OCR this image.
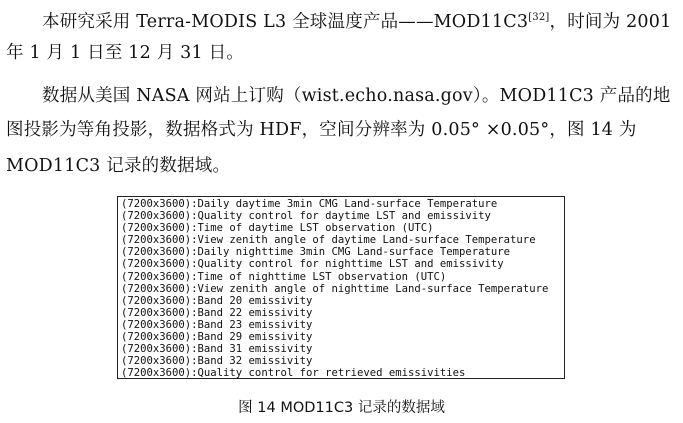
本研究采用 Terra-MODIS L3 全球温度产品——MOD11C3[32]，时间为 2001
年 1 月 1 日至 12 月 31 日。
数据从美国 NASA 网站上订购（wist.echo.nasa.gov）。MOD11C3 产品的地
图投影为等角投影，数据格式为 HDF，空间分辨率为 0.05° ×0.05°，图 14 为
MOD11C3 记录的数据域。
(7200x3600):Daily daytime 3min CMG Land-surface Temperature
(7200x3600):Quality control for daytime LST and emissivity
(7200x3600):Time of daytime LST observation (UTC)
(7200x3600):View zenith angle of daytime Land-surface Temperature
(7200x3600):Daily nighttime 3min CMG Land-surface Temperature
(7200x3600):Quality control for nighttime LST and emissivity
(7200x3600):Time of nighttime LST observation (UTC)
(7200x3600):View zenith angle of nighttime Land-surface Temperature
(7200x3600):Band 20 emissivity
(7200x3600):Band 22 emissivity
(7200x3600):Band 23 emissivity
(7200x3600):Band 29 emissivity
(7200x3600):Band 31 emissivity
(7200x3600):Band 32 emissivity
(7200x3600):Quality control for retrieved emissivities
图 14 MOD11C3 记录的数据域
